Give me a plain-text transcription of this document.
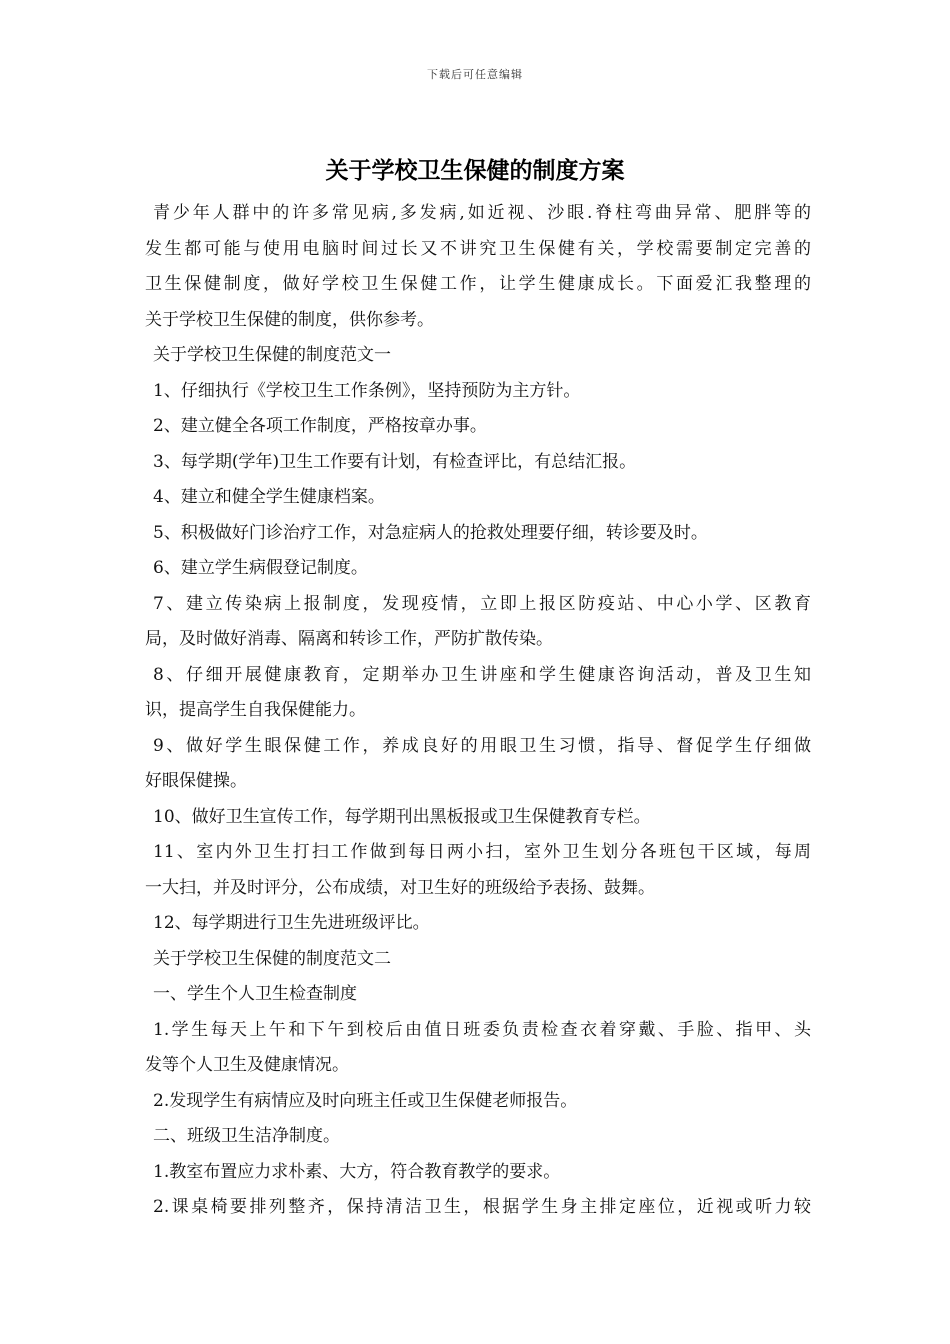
下载后可任意编辑
关于学校卫生保健的制度方案
青少年人群中的许多常见病,多发病,如近视、沙眼.脊柱弯曲异常、肥胖等的
发生都可能与使用电脑时间过长又不讲究卫生保健有关，学校需要制定完善的
卫生保健制度，做好学校卫生保健工作，让学生健康成长。下面爱汇我整理的
关于学校卫生保健的制度，供你参考。
关于学校卫生保健的制度范文一
1、仔细执行《学校卫生工作条例》，坚持预防为主方针。
2、建立健全各项工作制度，严格按章办事。
3、每学期(学年)卫生工作要有计划，有检查评比，有总结汇报。
4、建立和健全学生健康档案。
5、积极做好门诊治疗工作，对急症病人的抢救处理要仔细，转诊要及时。
6、建立学生病假登记制度。
7、建立传染病上报制度，发现疫情，立即上报区防疫站、中心小学、区教育
局，及时做好消毒、隔离和转诊工作，严防扩散传染。
8、仔细开展健康教育，定期举办卫生讲座和学生健康咨询活动，普及卫生知
识，提高学生自我保健能力。
9、做好学生眼保健工作，养成良好的用眼卫生习惯，指导、督促学生仔细做
好眼保健操。
10、做好卫生宣传工作，每学期刊出黑板报或卫生保健教育专栏。
11、室内外卫生打扫工作做到每日两小扫，室外卫生划分各班包干区域，每周
一大扫，并及时评分，公布成绩，对卫生好的班级给予表扬、鼓舞。
12、每学期进行卫生先进班级评比。
关于学校卫生保健的制度范文二
一、学生个人卫生检查制度
1.学生每天上午和下午到校后由值日班委负责检查衣着穿戴、手脸、指甲、头
发等个人卫生及健康情况。
2.发现学生有病情应及时向班主任或卫生保健老师报告。
二、班级卫生洁净制度。
1.教室布置应力求朴素、大方，符合教育教学的要求。
2.课桌椅要排列整齐，保持清洁卫生，根据学生身主排定座位，近视或听力较
